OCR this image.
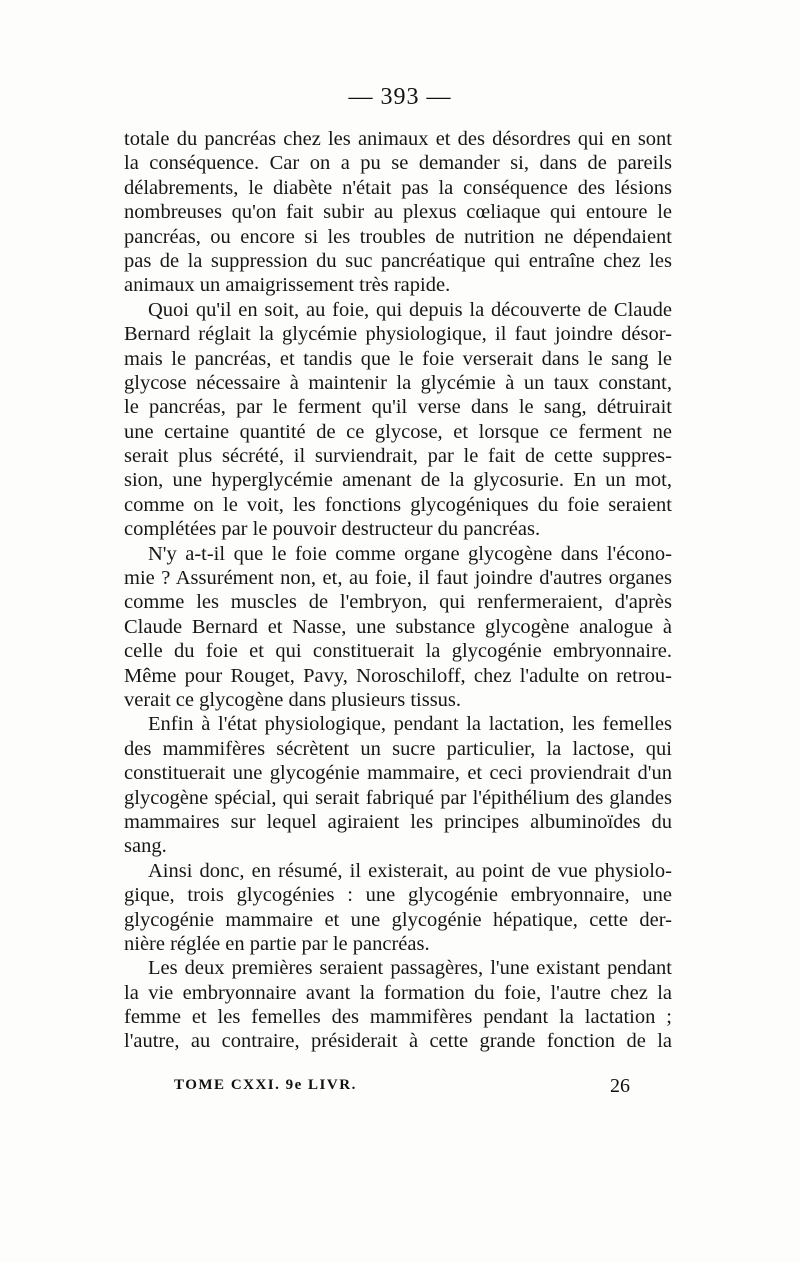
— 393 —
totale du pancréas chez les animaux et des désordres qui en sont
la conséquence. Car on a pu se demander si, dans de pareils
délabrements, le diabète n'était pas la conséquence des lésions
nombreuses qu'on fait subir au plexus cœliaque qui entoure le
pancréas, ou encore si les troubles de nutrition ne dépendaient
pas de la suppression du suc pancréatique qui entraîne chez les
animaux un amaigrissement très rapide.
Quoi qu'il en soit, au foie, qui depuis la découverte de Claude
Bernard réglait la glycémie physiologique, il faut joindre désor-
mais le pancréas, et tandis que le foie verserait dans le sang le
glycose nécessaire à maintenir la glycémie à un taux constant,
le pancréas, par le ferment qu'il verse dans le sang, détruirait
une certaine quantité de ce glycose, et lorsque ce ferment ne
serait plus sécrété, il surviendrait, par le fait de cette suppres-
sion, une hyperglycémie amenant de la glycosurie. En un mot,
comme on le voit, les fonctions glycogéniques du foie seraient
complétées par le pouvoir destructeur du pancréas.
N'y a-t-il que le foie comme organe glycogène dans l'écono-
mie ? Assurément non, et, au foie, il faut joindre d'autres organes
comme les muscles de l'embryon, qui renfermeraient, d'après
Claude Bernard et Nasse, une substance glycogène analogue à
celle du foie et qui constituerait la glycogénie embryonnaire.
Même pour Rouget, Pavy, Noroschiloff, chez l'adulte on retrou-
verait ce glycogène dans plusieurs tissus.
Enfin à l'état physiologique, pendant la lactation, les femelles
des mammifères sécrètent un sucre particulier, la lactose, qui
constituerait une glycogénie mammaire, et ceci proviendrait d'un
glycogène spécial, qui serait fabriqué par l'épithélium des glandes
mammaires sur lequel agiraient les principes albuminoïdes du
sang.
Ainsi donc, en résumé, il existerait, au point de vue physiolo-
gique, trois glycogénies : une glycogénie embryonnaire, une
glycogénie mammaire et une glycogénie hépatique, cette der-
nière réglée en partie par le pancréas.
Les deux premières seraient passagères, l'une existant pendant
la vie embryonnaire avant la formation du foie, l'autre chez la
femme et les femelles des mammifères pendant la lactation ;
l'autre, au contraire, présiderait à cette grande fonction de la
TOME CXXI. 9e LIVR.	26
